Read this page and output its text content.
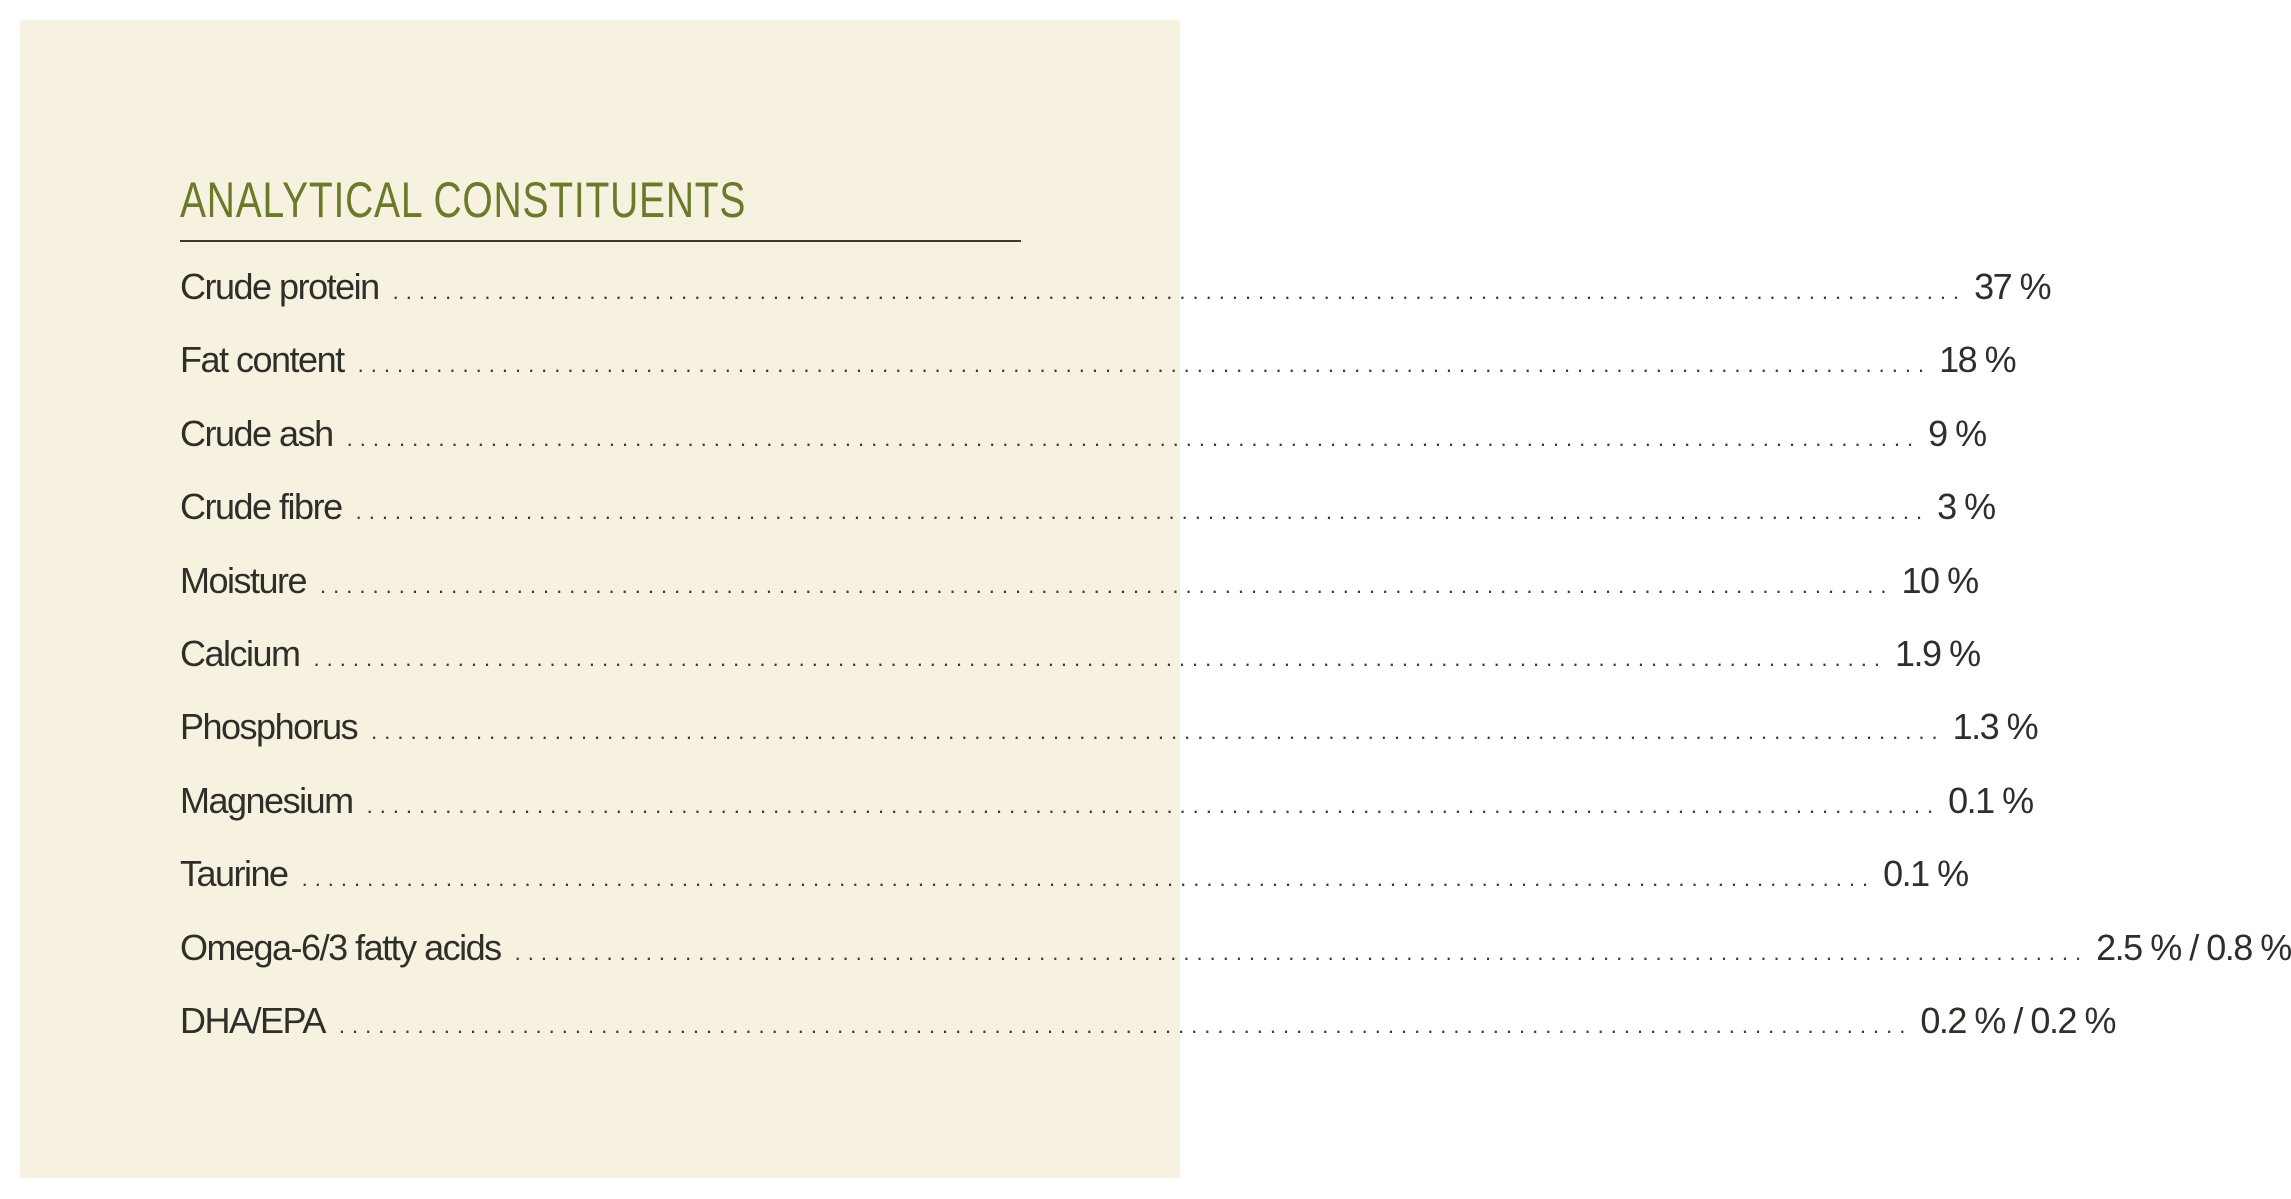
ANALYTICAL CONSTITUENTS
Crude protein ........................................................................................................................ 37 %
Fat content ........................................................................................................................ 18 %
Crude ash ........................................................................................................................ 9 %
Crude fibre ........................................................................................................................ 3 %
Moisture ........................................................................................................................ 10 %
Calcium ........................................................................................................................ 1.9 %
Phosphorus ........................................................................................................................ 1.3 %
Magnesium ........................................................................................................................ 0.1 %
Taurine ........................................................................................................................ 0.1 %
Omega-6/3 fatty acids ........................................................................................................................ 2.5 % / 0.8 %
DHA/EPA ........................................................................................................................ 0.2 % / 0.2 %
